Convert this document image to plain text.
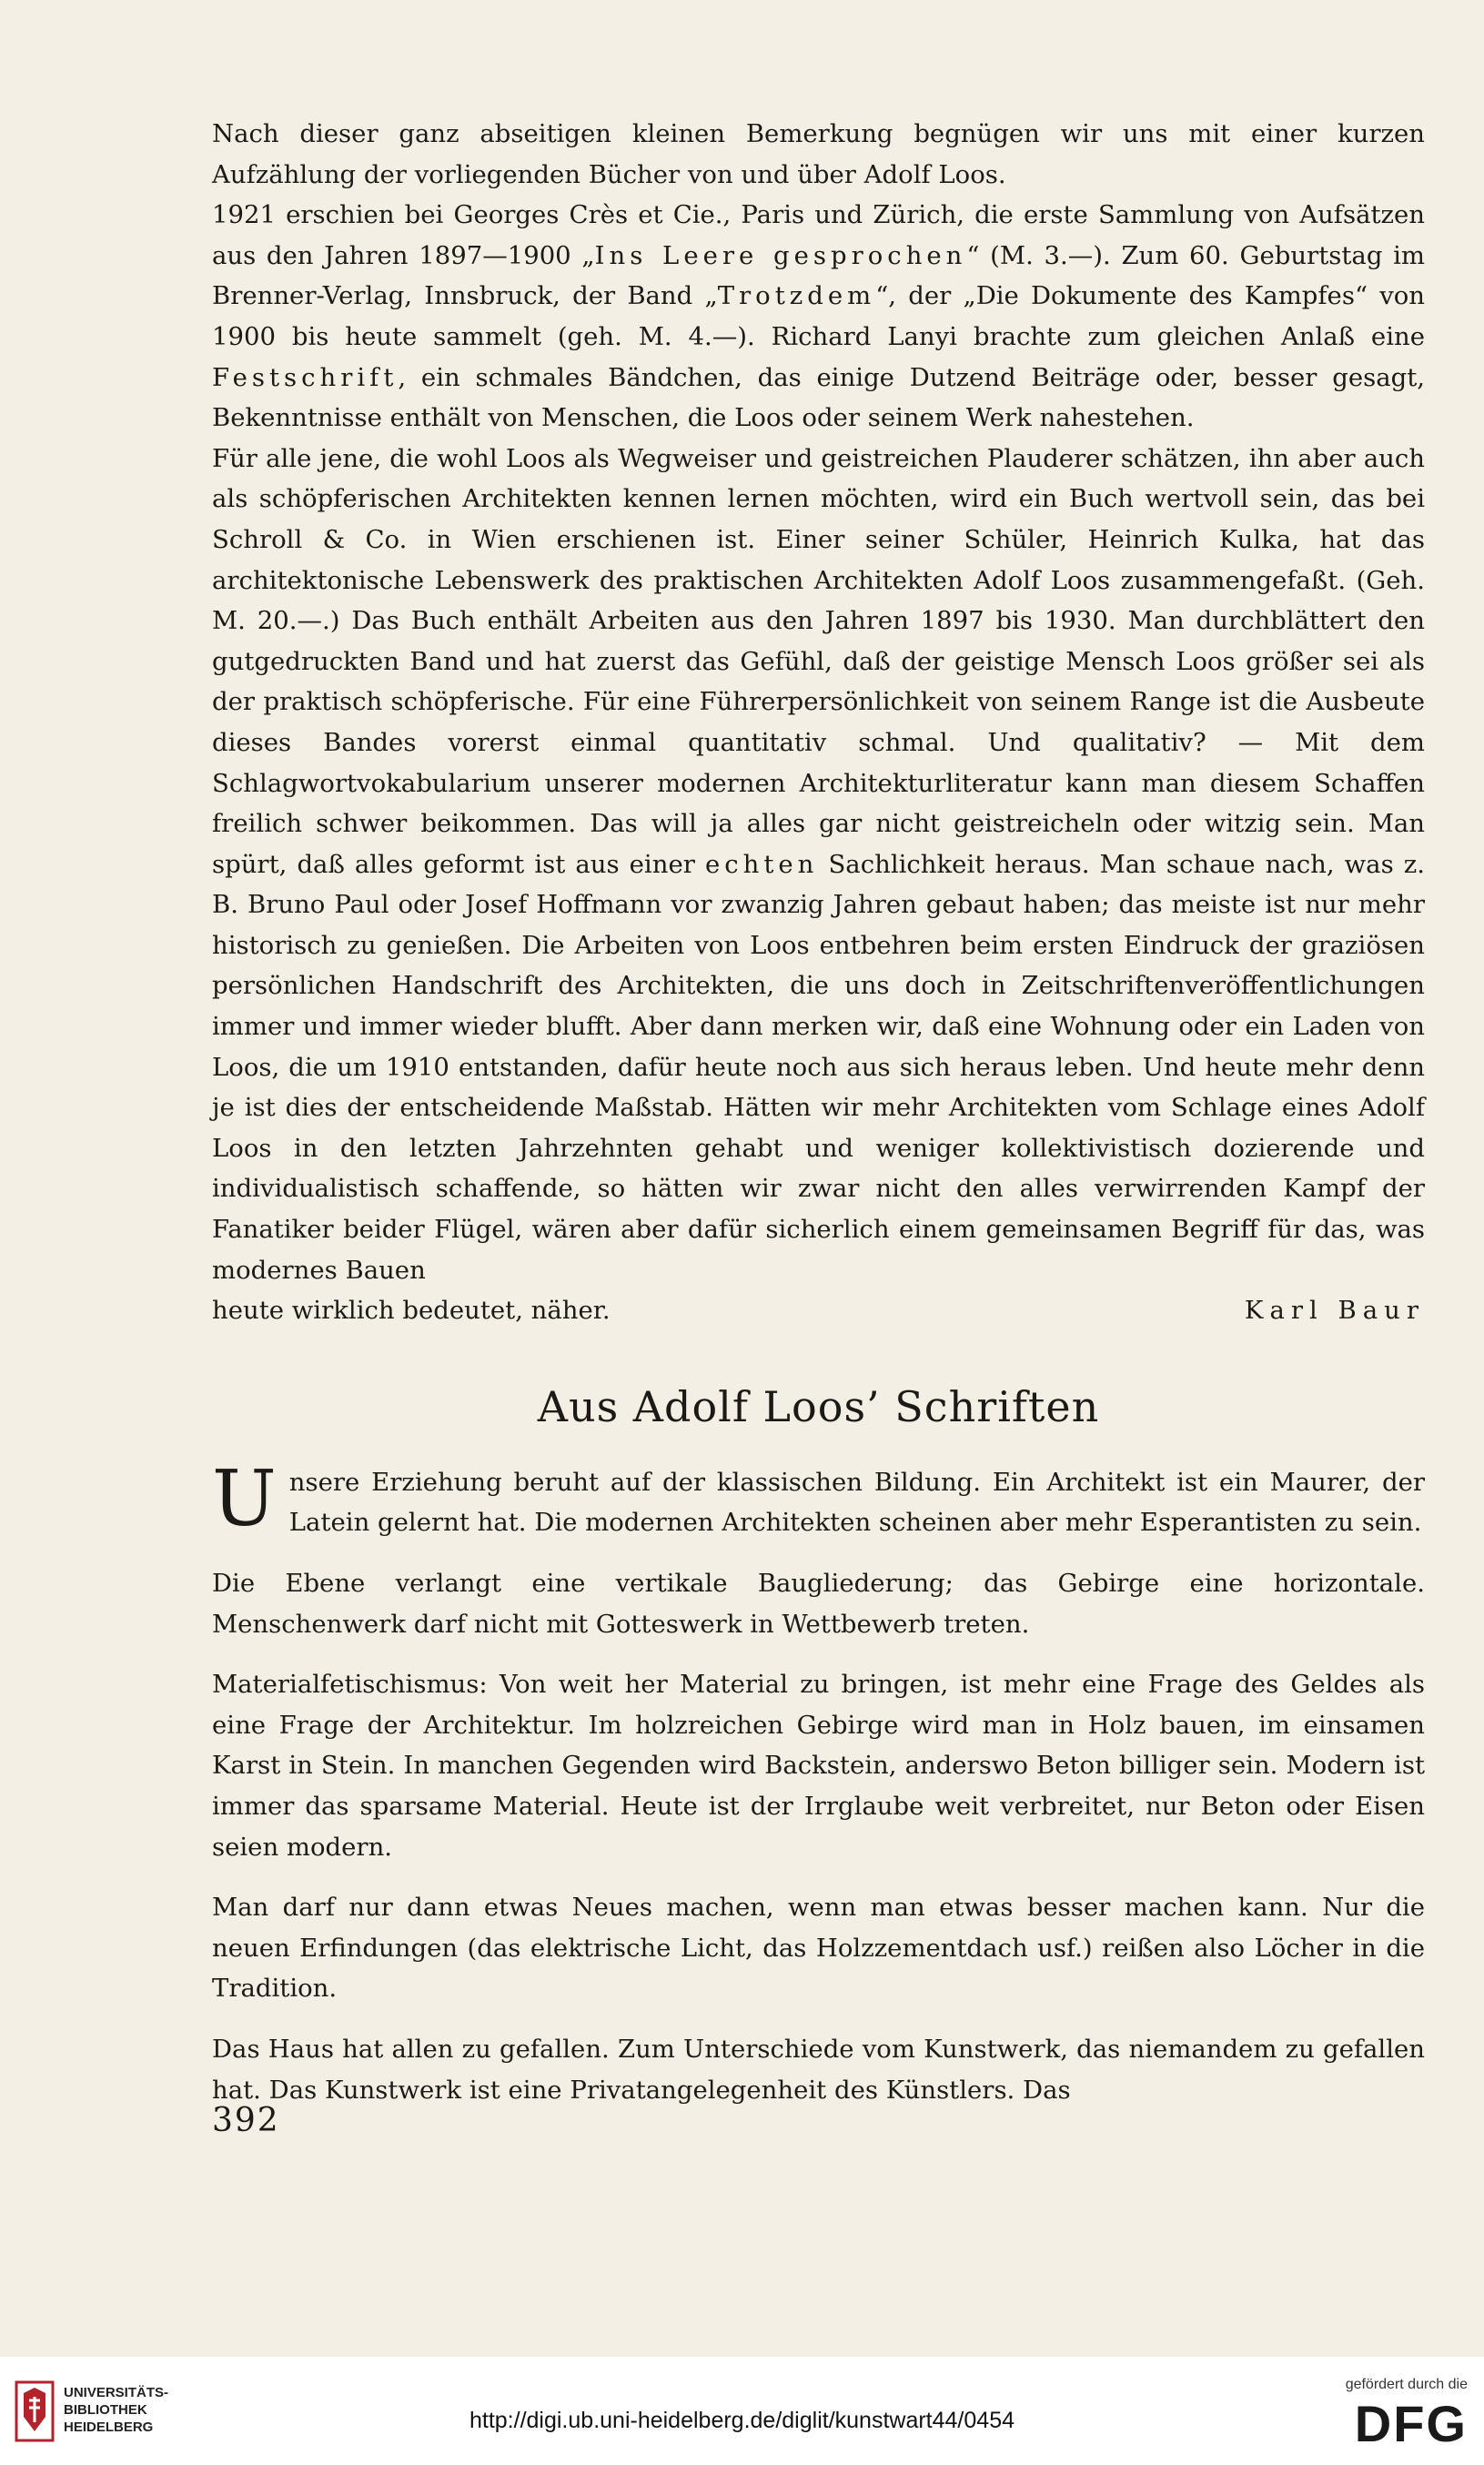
Nach dieser ganz abseitigen kleinen Bemerkung begnügen wir uns mit einer kurzen Aufzählung der vorliegenden Bücher von und über Adolf Loos.

1921 erschien bei Georges Crès et Cie., Paris und Zürich, die erste Sammlung von Aufsätzen aus den Jahren 1897—1900 „Ins Leere gesprochen“ (M. 3.—). Zum 60. Geburtstag im Brenner-Verlag, Innsbruck, der Band „Trotzdem“, der „Die Dokumente des Kampfes“ von 1900 bis heute sammelt (geh. M. 4.—). Richard Lanyi brachte zum gleichen Anlaß eine Festschrift, ein schmales Bändchen, das einige Dutzend Beiträge oder, besser gesagt, Bekenntnisse enthält von Menschen, die Loos oder seinem Werk nahestehen.

Für alle jene, die wohl Loos als Wegweiser und geistreichen Plauderer schätzen, ihn aber auch als schöpferischen Architekten kennen lernen möchten, wird ein Buch wertvoll sein, das bei Schroll & Co. in Wien erschienen ist. Einer seiner Schüler, Heinrich Kulka, hat das architektonische Lebenswerk des praktischen Architekten Adolf Loos zusammengefaßt. (Geh. M. 20.—.) Das Buch enthält Arbeiten aus den Jahren 1897 bis 1930. Man durchblättert den gutgedruckten Band und hat zuerst das Gefühl, daß der geistige Mensch Loos größer sei als der praktisch schöpferische. Für eine Führerpersönlichkeit von seinem Range ist die Ausbeute dieses Bandes vorerst einmal quantitativ schmal. Und qualitativ? — Mit dem Schlagwortvokabularium unserer modernen Architekturliteratur kann man diesem Schaffen freilich schwer beikommen. Das will ja alles gar nicht geistreicheln oder witzig sein. Man spürt, daß alles geformt ist aus einer echten Sachlichkeit heraus. Man schaue nach, was z. B. Bruno Paul oder Josef Hoffmann vor zwanzig Jahren gebaut haben; das meiste ist nur mehr historisch zu genießen. Die Arbeiten von Loos entbehren beim ersten Eindruck der graziösen persönlichen Handschrift des Architekten, die uns doch in Zeitschriftenveröffentlichungen immer und immer wieder blufft. Aber dann merken wir, daß eine Wohnung oder ein Laden von Loos, die um 1910 entstanden, dafür heute noch aus sich heraus leben. Und heute mehr denn je ist dies der entscheidende Maßstab. Hätten wir mehr Architekten vom Schlage eines Adolf Loos in den letzten Jahrzehnten gehabt und weniger kollektivistisch dozierende und individualistisch schaffende, so hätten wir zwar nicht den alles verwirrenden Kampf der Fanatiker beider Flügel, wären aber dafür sicherlich einem gemeinsamen Begriff für das, was modernes Bauen

heute wirklich bedeutet, näher.	Karl Baur

Aus Adolf Loos’ Schriften

Unsere Erziehung beruht auf der klassischen Bildung. Ein Architekt ist ein Maurer, der Latein gelernt hat. Die modernen Architekten scheinen aber mehr Esperantisten zu sein.

Die Ebene verlangt eine vertikale Baugliederung; das Gebirge eine horizontale. Menschenwerk darf nicht mit Gotteswerk in Wettbewerb treten.

Materialfetischismus: Von weit her Material zu bringen, ist mehr eine Frage des Geldes als eine Frage der Architektur. Im holzreichen Gebirge wird man in Holz bauen, im einsamen Karst in Stein. In manchen Gegenden wird Backstein, anderswo Beton billiger sein. Modern ist immer das sparsame Material. Heute ist der Irrglaube weit verbreitet, nur Beton oder Eisen seien modern.

Man darf nur dann etwas Neues machen, wenn man etwas besser machen kann. Nur die neuen Erfindungen (das elektrische Licht, das Holzzementdach usf.) reißen also Löcher in die Tradition.

Das Haus hat allen zu gefallen. Zum Unterschiede vom Kunstwerk, das niemandem zu gefallen hat. Das Kunstwerk ist eine Privatangelegenheit des Künstlers. Das

392
UNIVERSITÄTS-
BIBLIOTHEK
HEIDELBERG	http://digi.ub.uni-heidelberg.de/diglit/kunstwart44/0454
gefördert durch die
DFG
